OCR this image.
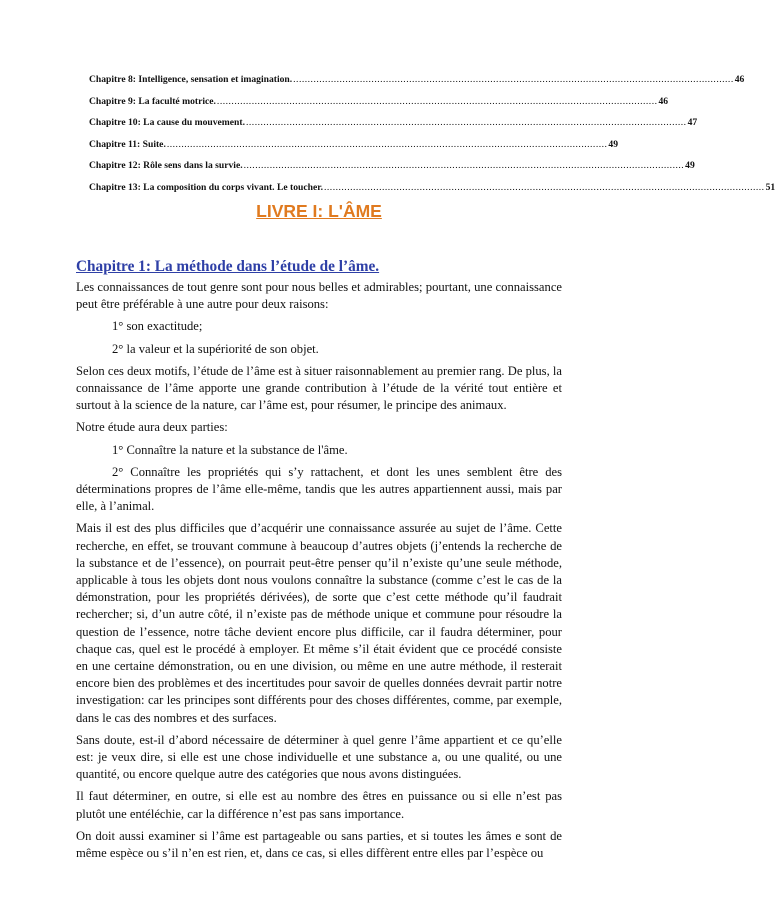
Chapitre 8: Intelligence, sensation et imagination. ........................................................................................................................................................ 46
Chapitre 9: La faculté motrice. ........................................................................................................................................................ 46
Chapitre 10: La cause du mouvement. ........................................................................................................................................................ 47
Chapitre 11: Suite. ........................................................................................................................................................ 49
Chapitre 12: Rôle sens dans la survie. ........................................................................................................................................................ 49
Chapitre 13: La composition du corps vivant. Le toucher. ........................................................................................................................................................ 51
LIVRE I: L'ÂME
Chapitre 1: La méthode dans l’étude de l’âme.

Les connaissances de tout genre sont pour nous belles et admirables; pourtant, une connaissance peut être préférable à une autre pour deux raisons:

1° son exactitude;

2° la valeur et la supériorité de son objet.

Selon ces deux motifs, l’étude de l’âme est à situer raisonnablement au premier rang. De plus, la connaissance de l’âme apporte une grande contribution à l’étude de la vérité tout entière et surtout à la science de la nature, car l’âme est, pour résumer, le principe des animaux.

Notre étude aura deux parties:

1° Connaître la nature et la substance de l'âme.

2° Connaître les propriétés qui s’y rattachent, et dont les unes semblent être des déterminations propres de l’âme elle-même, tandis que les autres appartiennent aussi, mais par elle, à l’animal.

Mais il est des plus difficiles que d’acquérir une connaissance assurée au sujet de l’âme. Cette recherche, en effet, se trouvant commune à beaucoup d’autres objets (j’entends la recherche de la substance et de l’essence), on pourrait peut-être penser qu’il n’existe qu’une seule méthode, applicable à tous les objets dont nous voulons connaître la substance (comme c’est le cas de la démonstration, pour les propriétés dérivées), de sorte que c’est cette méthode qu’il faudrait rechercher; si, d’un autre côté, il n’existe pas de méthode unique et commune pour résoudre la question de l’essence, notre tâche devient encore plus difficile, car il faudra déterminer, pour chaque cas, quel est le procédé à employer. Et même s’il était évident que ce procédé consiste en une certaine démonstration, ou en une division, ou même en une autre méthode, il resterait encore bien des problèmes et des incertitudes pour savoir de quelles données devrait partir notre investigation: car les principes sont différents pour des choses différentes, comme, par exemple, dans le cas des nombres et des surfaces.

Sans doute, est-il d’abord nécessaire de déterminer à quel genre l’âme appartient et ce qu’elle est: je veux dire, si elle est une chose individuelle et une substance a, ou une qualité, ou une quantité, ou encore quelque autre des catégories que nous avons distinguées.

Il faut déterminer, en outre, si elle est au nombre des êtres en puissance ou si elle n’est pas plutôt une entéléchie, car la différence n’est pas sans importance.

On doit aussi examiner si l’âme est partageable ou sans parties, et si toutes les âmes e sont de même espèce ou s’il n’en est rien, et, dans ce cas, si elles diffèrent entre elles par l’espèce ou
